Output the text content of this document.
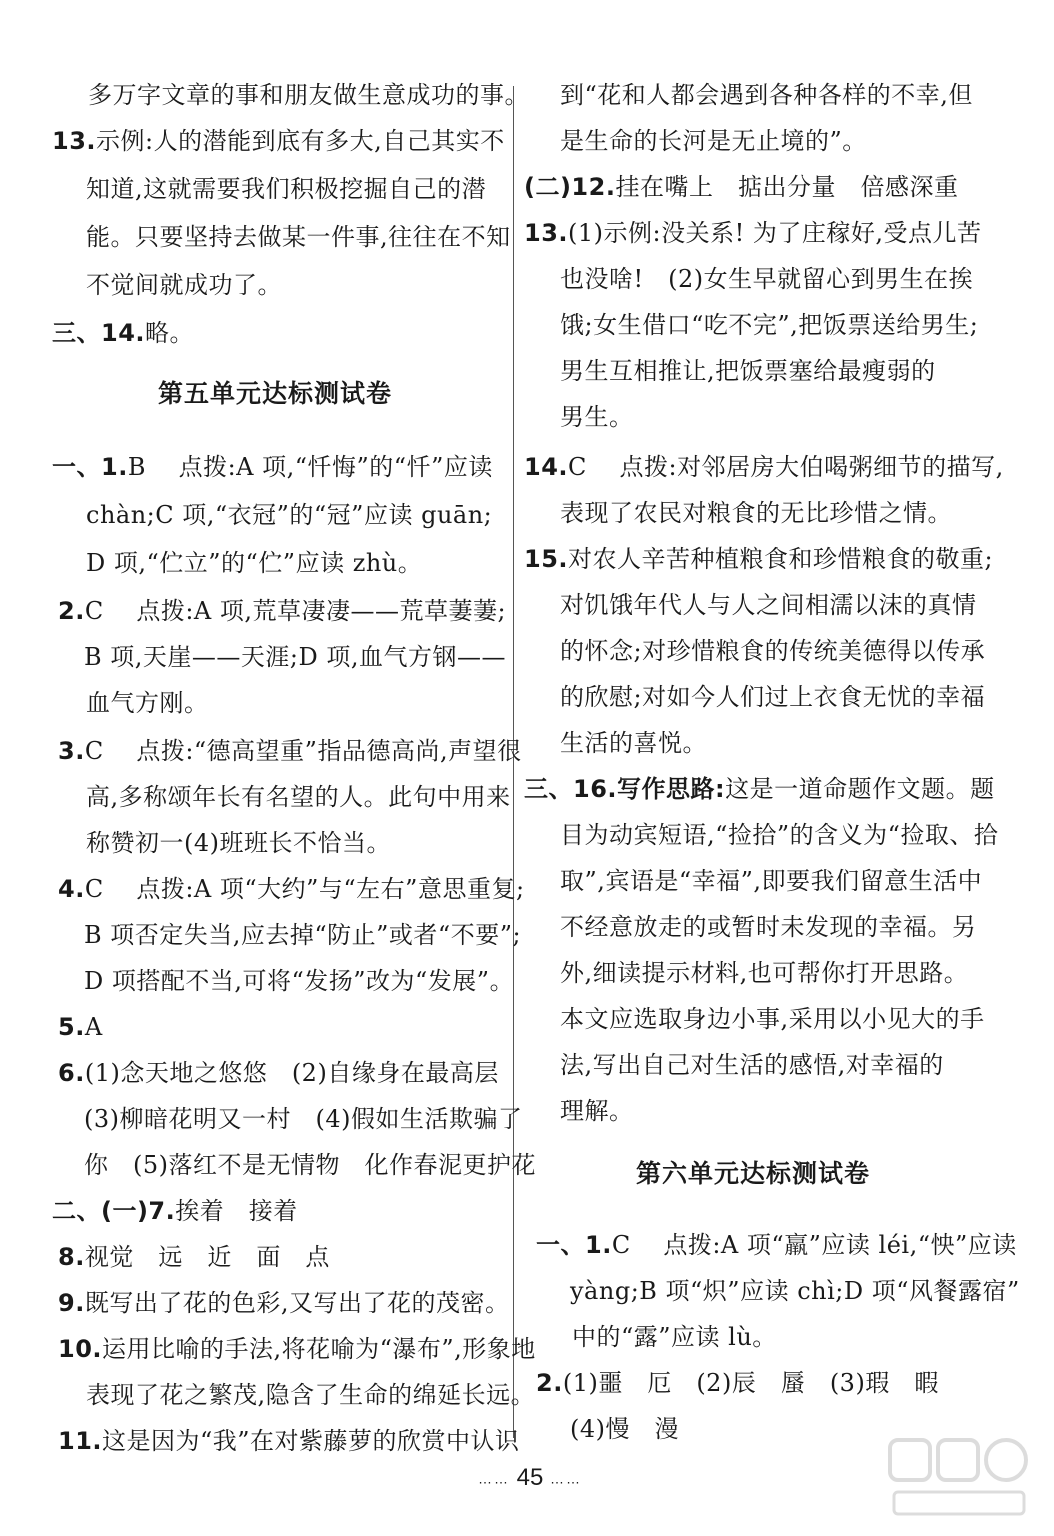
多万字文章的事和朋友做生意成功的事。
13.示例:人的潜能到底有多大,自己其实不
知道,这就需要我们积极挖掘自己的潜
能。只要坚持去做某一件事,往往在不知
不觉间就成功了。
三、14.略。
第五单元达标测试卷
一、1.B　 点拨:A 项,“忏悔”的“忏”应读
chàn;C 项,“衣冠”的“冠”应读 guān;
D 项,“伫立”的“伫”应读 zhù。
2.C　 点拨:A 项,荒草凄凄——荒草萋萋;
B 项,天崖——天涯;D 项,血气方钢——
血气方刚。
3.C　 点拨:“德高望重”指品德高尚,声望很
高,多称颂年长有名望的人。此句中用来
称赞初一(4)班班长不恰当。
4.C　 点拨:A 项“大约”与“左右”意思重复;
B 项否定失当,应去掉“防止”或者“不要”;
D 项搭配不当,可将“发扬”改为“发展”。
5.A
6.(1)念天地之悠悠　(2)自缘身在最高层
(3)柳暗花明又一村　(4)假如生活欺骗了
你　(5)落红不是无情物　化作春泥更护花
二、(一)7.挨着　接着
8.视觉　远　近　面　点
9.既写出了花的色彩,又写出了花的茂密。
10.运用比喻的手法,将花喻为“瀑布”,形象地
表现了花之繁茂,隐含了生命的绵延长远。
11.这是因为“我”在对紫藤萝的欣赏中认识
到“花和人都会遇到各种各样的不幸,但
是生命的长河是无止境的”。
(二)12.挂在嘴上　掂出分量　倍感深重
13.(1)示例:没关系! 为了庄稼好,受点儿苦
也没啥!　(2)女生早就留心到男生在挨
饿;女生借口“吃不完”,把饭票送给男生;
男生互相推让,把饭票塞给最瘦弱的
男生。
14.C　 点拨:对邻居房大伯喝粥细节的描写,
表现了农民对粮食的无比珍惜之情。
15.对农人辛苦种植粮食和珍惜粮食的敬重;
对饥饿年代人与人之间相濡以沫的真情
的怀念;对珍惜粮食的传统美德得以传承
的欣慰;对如今人们过上衣食无忧的幸福
生活的喜悦。
三、16.写作思路:这是一道命题作文题。题
目为动宾短语,“捡拾”的含义为“捡取、拾
取”,宾语是“幸福”,即要我们留意生活中
不经意放走的或暂时未发现的幸福。另
外,细读提示材料,也可帮你打开思路。
本文应选取身边小事,采用以小见大的手
法,写出自己对生活的感悟,对幸福的
理解。
第六单元达标测试卷
一、1.C　 点拨:A 项“羸”应读 léi,“怏”应读
yàng;B 项“炽”应读 chì;D 项“风餐露宿”
中的“露”应读 lù。
2.(1)噩　厄　(2)辰　蜃　(3)瑕　暇
(4)慢　漫
…… 45 ……
